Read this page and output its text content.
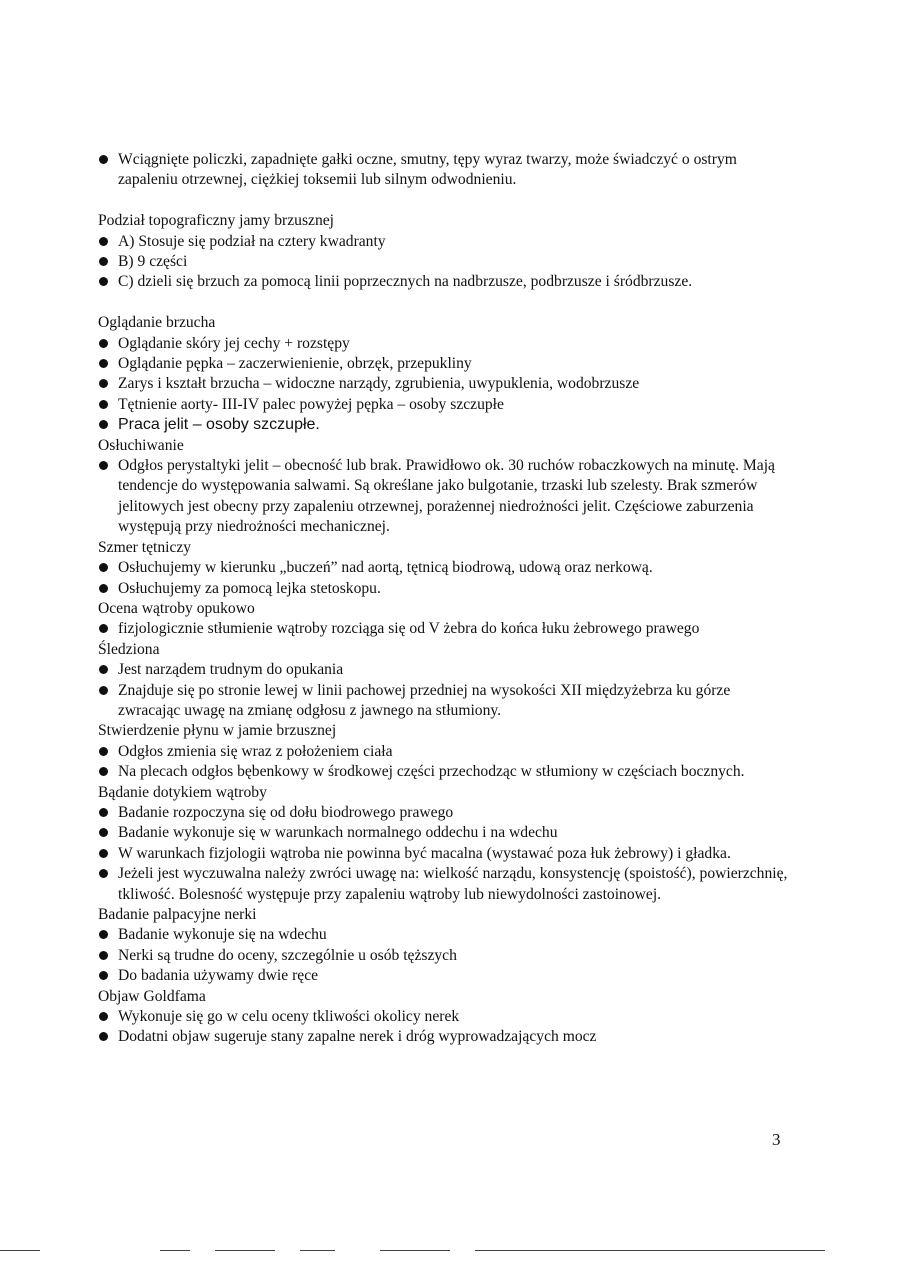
Wciągnięte policzki, zapadnięte gałki oczne, smutny, tępy wyraz twarzy, może świadczyć o ostrym zapaleniu otrzewnej, ciężkiej toksemii lub silnym odwodnieniu.

Podział topograficzny jamy brzusznej

A) Stosuje się podział na cztery kwadranty
B) 9 części
C) dzieli się brzuch za pomocą linii poprzecznych na nadbrzusze, podbrzusze i śródbrzusze.

Oglądanie brzucha

Oglądanie skóry jej cechy + rozstępy
Oglądanie pępka – zaczerwienienie, obrzęk, przepukliny
Zarys i kształt brzucha – widoczne narządy, zgrubienia, uwypuklenia, wodobrzusze
Tętnienie aorty- III-IV palec powyżej pępka – osoby szczupłe
Praca jelit – osoby szczupłe.

Osłuchiwanie

Odgłos perystaltyki jelit – obecność lub brak. Prawidłowo ok. 30 ruchów robaczkowych na minutę. Mają tendencje do występowania salwami. Są określane jako bulgotanie, trzaski lub szelesty. Brak szmerów jelitowych jest obecny przy zapaleniu otrzewnej, porażennej niedrożności jelit. Częściowe zaburzenia występują przy niedrożności mechanicznej.

Szmer tętniczy

Osłuchujemy w kierunku „buczeń” nad aortą, tętnicą biodrową, udową oraz nerkową.
Osłuchujemy za pomocą lejka stetoskopu.

Ocena wątroby opukowo

fizjologicznie stłumienie wątroby rozciąga się od V żebra do końca łuku żebrowego prawego

Śledziona

Jest narządem trudnym do opukania
Znajduje się po stronie lewej w linii pachowej przedniej na wysokości XII międzyżebrza ku górze zwracając uwagę na zmianę odgłosu z jawnego na stłumiony.

Stwierdzenie płynu w jamie brzusznej

Odgłos zmienia się wraz z położeniem ciała
Na plecach odgłos bębenkowy w środkowej części przechodząc w stłumiony w częściach bocznych.

Bądanie dotykiem wątroby

Badanie rozpoczyna się od dołu biodrowego prawego
Badanie wykonuje się w warunkach normalnego oddechu i na wdechu
W warunkach fizjologii wątroba nie powinna być macalna (wystawać poza łuk żebrowy) i gładka.
Jeżeli jest wyczuwalna należy zwróci uwagę na: wielkość narządu, konsystencję (spoistość), powierzchnię, tkliwość. Bolesność występuje przy zapaleniu wątroby lub niewydolności zastoinowej.

Badanie palpacyjne nerki

Badanie wykonuje się na wdechu
Nerki są trudne do oceny, szczególnie u osób tęższych
Do badania używamy dwie ręce

Objaw Goldfama

Wykonuje się go w celu oceny tkliwości okolicy nerek
Dodatni objaw sugeruje stany zapalne nerek i dróg wyprowadzających mocz
3
